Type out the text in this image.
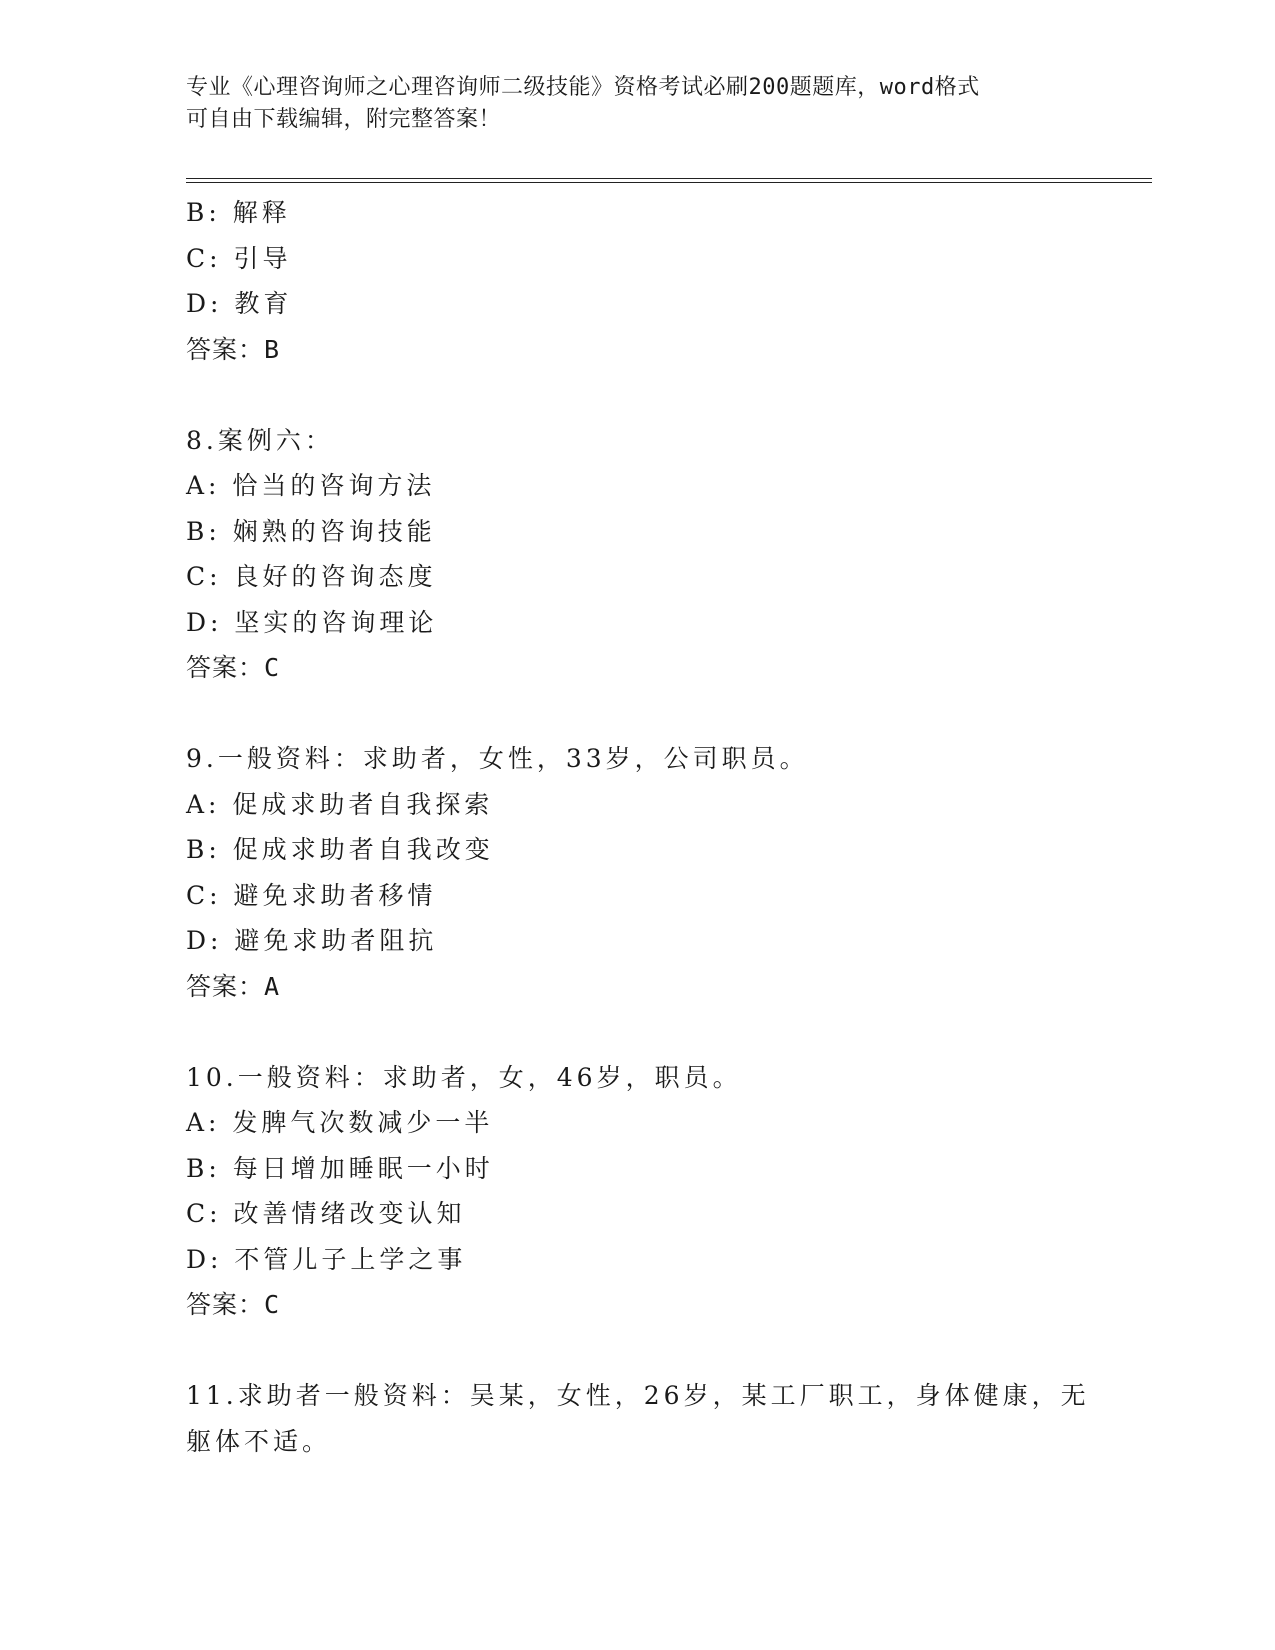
专业《心理咨询师之心理咨询师二级技能》资格考试必刷200题题库，word格式
可自由下载编辑，附完整答案！
B: 解释
C: 引导
D: 教育
答案：B
8.案例六：
A: 恰当的咨询方法
B: 娴熟的咨询技能
C: 良好的咨询态度
D: 坚实的咨询理论
答案：C
9.一般资料：求助者，女性，33岁，公司职员。
A: 促成求助者自我探索
B: 促成求助者自我改变
C: 避免求助者移情
D: 避免求助者阻抗
答案：A
10.一般资料：求助者，女，46岁，职员。
A: 发脾气次数减少一半
B: 每日增加睡眠一小时
C: 改善情绪改变认知
D: 不管儿子上学之事
答案：C
11.求助者一般资料：吴某，女性，26岁，某工厂职工，身体健康，无
躯体不适。
